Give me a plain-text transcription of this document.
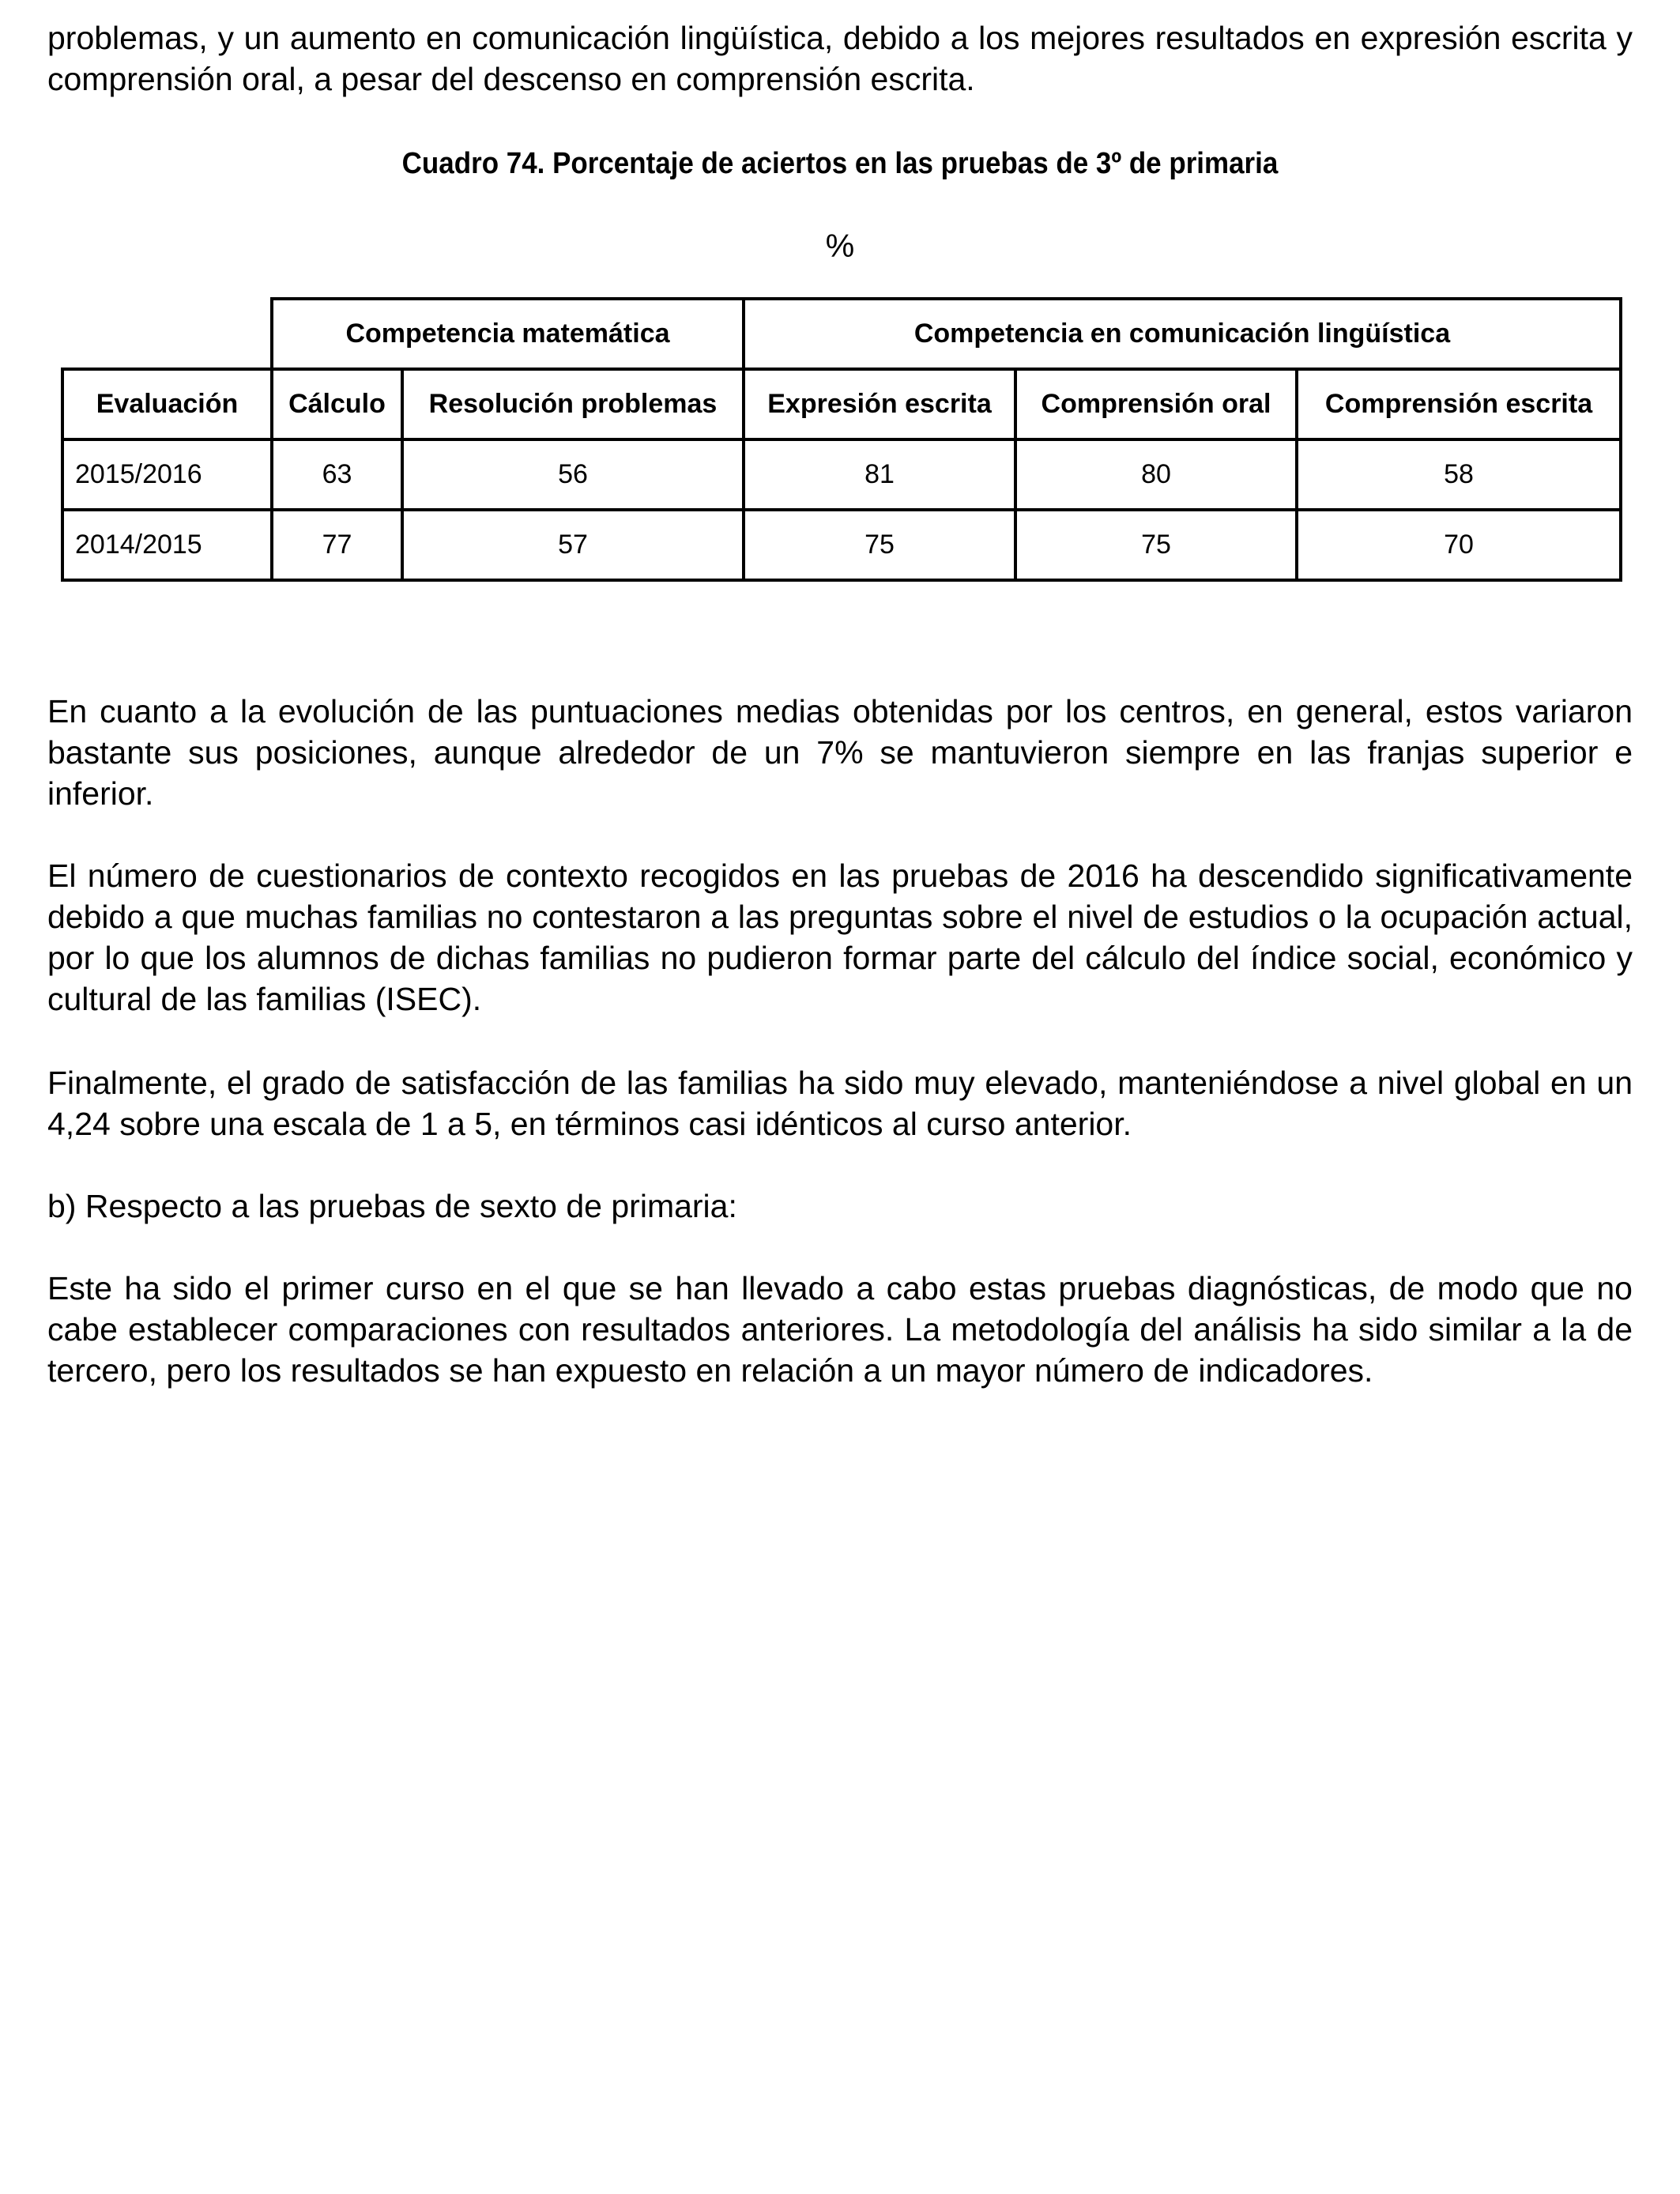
problemas, y un aumento en comunicación lingüística, debido a los mejores resultados en expresión escrita y comprensión oral, a pesar del descenso en comprensión escrita.

Cuadro 74. Porcentaje de aciertos en las pruebas de 3º de primaria

%

	Competencia matemática		Competencia en comunicación lingüística		
Evaluación	Cálculo	Resolución problemas	Expresión escrita	Comprensión oral	Comprensión escrita
2015/2016	63	56	81	80	58
2014/2015	77	57	75	75	70

En cuanto a la evolución de las puntuaciones medias obtenidas por los centros, en general, estos variaron bastante sus posiciones, aunque alrededor de un 7% se mantuvieron siempre en las franjas superior e inferior.

El número de cuestionarios de contexto recogidos en las pruebas de 2016 ha descendido significativamente debido a que muchas familias no contestaron a las preguntas sobre el nivel de estudios o la ocupación actual, por lo que los alumnos de dichas familias no pudieron formar parte del cálculo del índice social, económico y cultural de las familias (ISEC).

Finalmente, el grado de satisfacción de las familias ha sido muy elevado, manteniéndose a nivel global en un 4,24 sobre una escala de 1 a 5, en términos casi idénticos al curso anterior.

b) Respecto a las pruebas de sexto de primaria:

Este ha sido el primer curso en el que se han llevado a cabo estas pruebas diagnósticas, de modo que no cabe establecer comparaciones con resultados anteriores. La metodología del análisis ha sido similar a la de tercero, pero los resultados se han expuesto en relación a un mayor número de indicadores.
